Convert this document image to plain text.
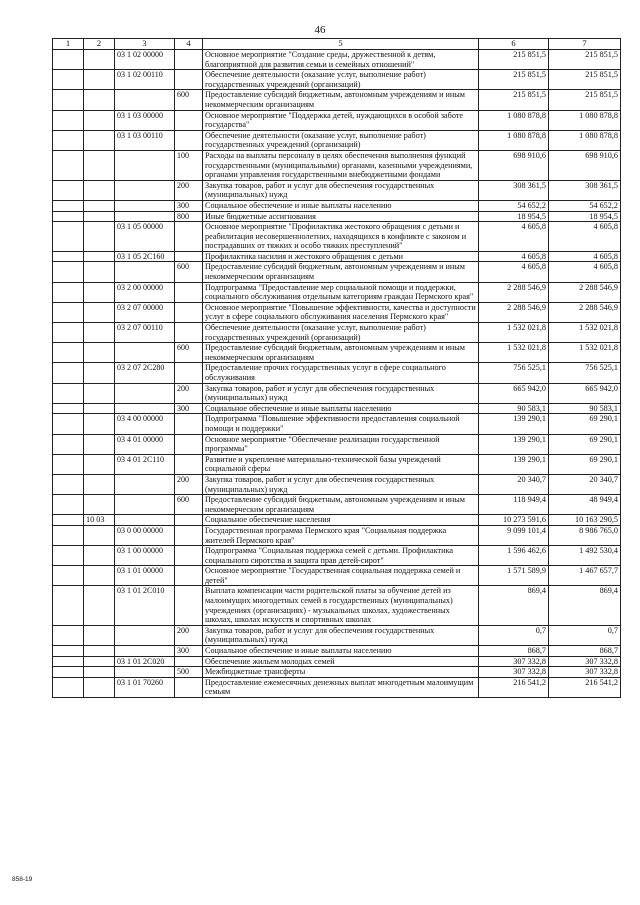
46
1	2	3	4	5	6	7
		03 1 02 00000		Основное мероприятие "Создание среды, дружественной к детям, благоприятной для развития семьи и семейных отношений"	215 851,5	215 851,5
		03 1 02 00110		Обеспечение деятельности (оказание услуг, выполнение работ) государственных учреждений (организаций)	215 851,5	215 851,5
			600	Предоставление субсидий бюджетным, автономным учреждениям и иным некоммерческим организациям	215 851,5	215 851,5
		03 1 03 00000		Основное мероприятие "Поддержка детей, нуждающихся в особой заботе государства"	1 080 878,8	1 080 878,8
		03 1 03 00110		Обеспечение деятельности (оказание услуг, выполнение работ) государственных учреждений (организаций)	1 080 878,8	1 080 878,8
			100	Расходы на выплаты персоналу в целях обеспечения выполнения функций государственными (муниципальными) органами, казенными учреждениями, органами управления государственными внебюджетными фондами	698 910,6	698 910,6
			200	Закупка товаров, работ и услуг для обеспечения государственных (муниципальных) нужд	308 361,5	308 361,5
			300	Социальное обеспечение и иные выплаты населению	54 652,2	54 652,2
			800	Иные бюджетные ассигнования	18 954,5	18 954,5
		03 1 05 00000		Основное мероприятие "Профилактика жестокого обращения с детьми и реабилитация несовершеннолетних, находящихся в конфликте с законом и пострадавших от тяжких и особо тяжких преступлений"	4 605,8	4 605,8
		03 1 05 2C160		Профилактика насилия и жестокого обращения с детьми	4 605,8	4 605,8
			600	Предоставление субсидий бюджетным, автономным учреждениям и иным некоммерческим организациям	4 605,8	4 605,8
		03 2 00 00000		Подпрограмма "Предоставление мер социальной помощи и поддержки, социального обслуживания отдельным категориям граждан Пермского края"	2 288 546,9	2 288 546,9
		03 2 07 00000		Основное мероприятие "Повышение эффективности, качества и доступности услуг в сфере социального обслуживания населения Пермского края"	2 288 546,9	2 288 546,9
		03 2 07 00110		Обеспечение деятельности (оказание услуг, выполнение работ) государственных учреждений (организаций)	1 532 021,8	1 532 021,8
			600	Предоставление субсидий бюджетным, автономным учреждениям и иным некоммерческим организациям	1 532 021,8	1 532 021,8
		03 2 07 2C280		Предоставление прочих государственных услуг в сфере социального обслуживания	756 525,1	756 525,1
			200	Закупка товаров, работ и услуг для обеспечения государственных (муниципальных) нужд	665 942,0	665 942,0
			300	Социальное обеспечение и иные выплаты населению	90 583,1	90 583,1
		03 4 00 00000		Подпрограмма "Повышение эффективности предоставления социальной помощи и поддержки"	139 290,1	69 290,1
		03 4 01 00000		Основное мероприятие "Обеспечение реализации государственной программы"	139 290,1	69 290,1
		03 4 01 2C110		Развитие и укрепление материально-технической базы учреждений социальной сферы	139 290,1	69 290,1
			200	Закупка товаров, работ и услуг для обеспечения государственных (муниципальных) нужд	20 340,7	20 340,7
			600	Предоставление субсидий бюджетным, автономным учреждениям и иным некоммерческим организациям	118 949,4	48 949,4
	10 03			Социальное обеспечение населения	10 273 591,6	10 163 290,5
		03 0 00 00000		Государственная программа Пермского края "Социальная поддержка жителей Пермского края"	9 099 101,4	8 986 765,0
		03 1 00 00000		Подпрограмма "Социальная поддержка семей с детьми. Профилактика социального сиротства и защита прав детей-сирот"	1 596 462,6	1 492 530,4
		03 1 01 00000		Основное мероприятие "Государственная социальная поддержка семей и детей"	1 571 589,9	1 467 657,7
		03 1 01 2C010		Выплата компенсации части родительской платы за обучение детей из малоимущих многодетных семей в государственных (муниципальных) учреждениях (организациях) - музыкальных школах, художественных школах, школах искусств и спортивных школах	869,4	869,4
			200	Закупка товаров, работ и услуг для обеспечения государственных (муниципальных) нужд	0,7	0,7
			300	Социальное обеспечение и иные выплаты населению	868,7	868,7
		03 1 01 2C020		Обеспечение жильем молодых семей	307 332,8	307 332,8
			500	Межбюджетные трансферты	307 332,8	307 332,8
		03 1 01 70260		Предоставление ежемесячных денежных выплат многодетным малоимущим семьям	216 541,2	216 541,2
858-19
